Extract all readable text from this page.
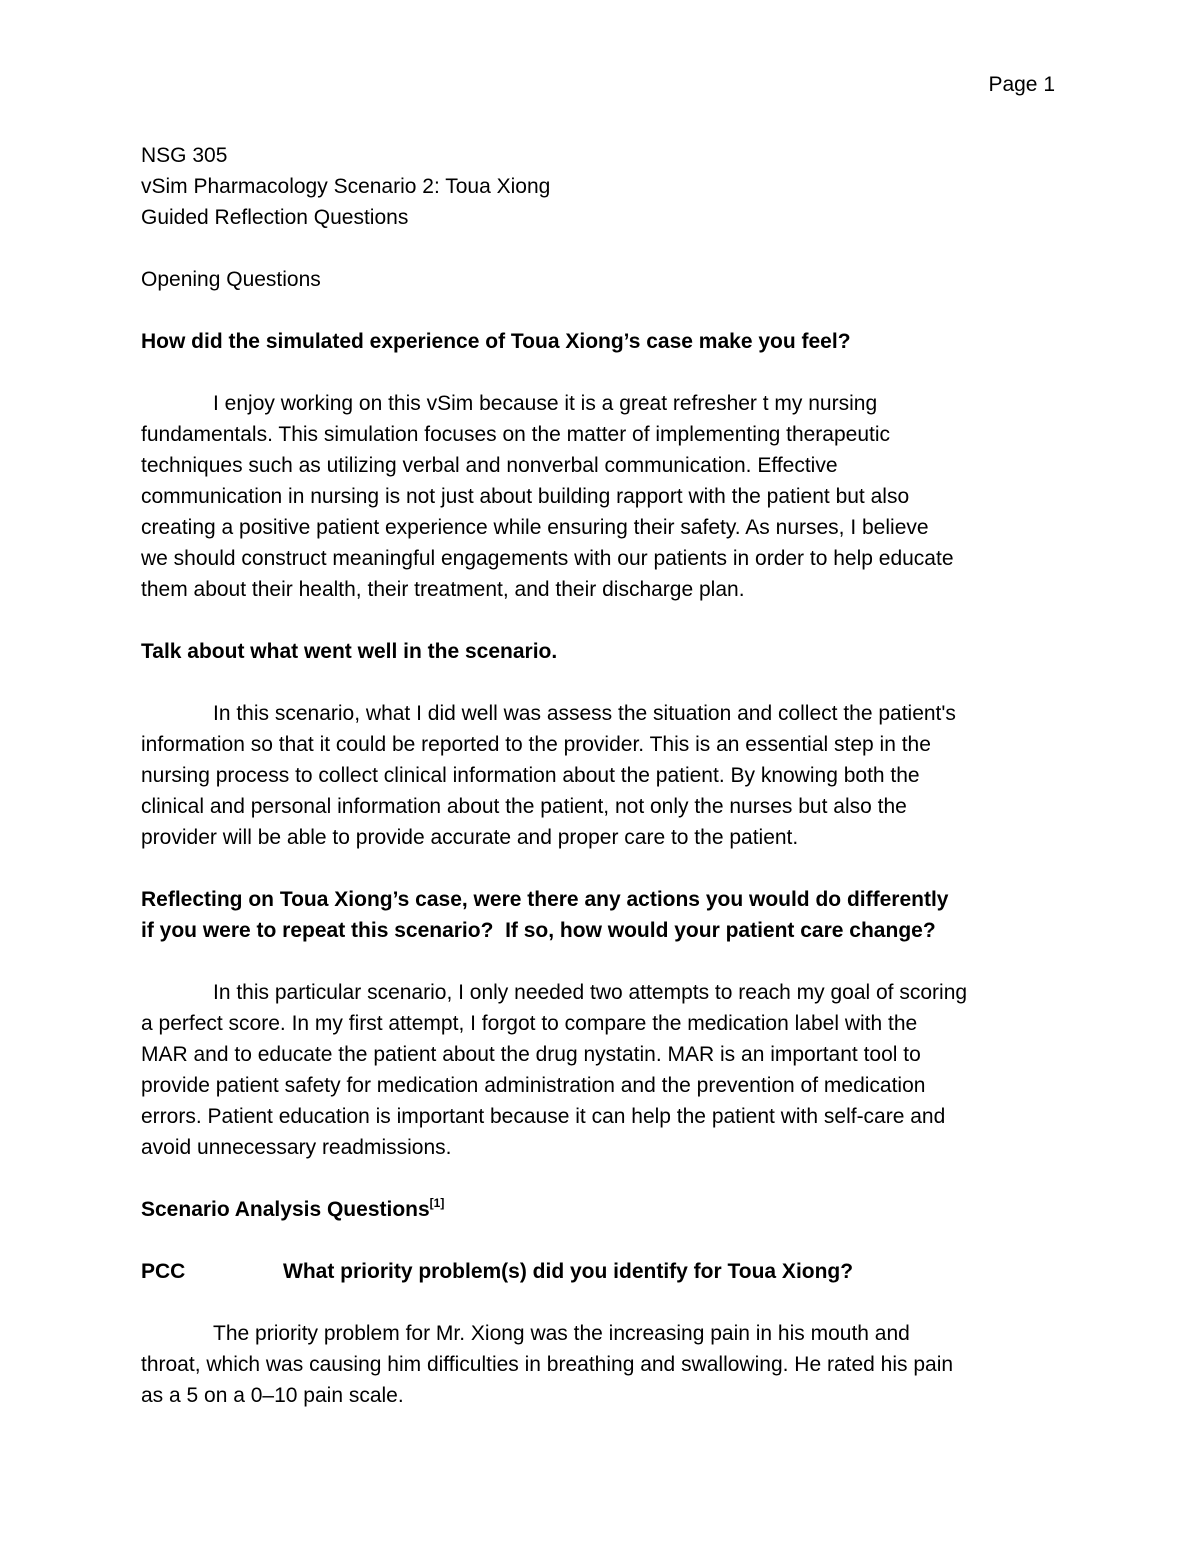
Page 1

NSG 305

vSim Pharmacology Scenario 2: Toua Xiong

Guided Reflection Questions

Opening Questions

How did the simulated experience of Toua Xiong’s case make you feel?

I enjoy working on this vSim because it is a great refresher t my nursing

fundamentals. This simulation focuses on the matter of implementing therapeutic

techniques such as utilizing verbal and nonverbal communication. Effective

communication in nursing is not just about building rapport with the patient but also

creating a positive patient experience while ensuring their safety. As nurses, I believe

we should construct meaningful engagements with our patients in order to help educate

them about their health, their treatment, and their discharge plan.

Talk about what went well in the scenario.

In this scenario, what I did well was assess the situation and collect the patient's

information so that it could be reported to the provider. This is an essential step in the

nursing process to collect clinical information about the patient. By knowing both the

clinical and personal information about the patient, not only the nurses but also the

provider will be able to provide accurate and proper care to the patient.

Reflecting on Toua Xiong’s case, were there any actions you would do differently

if you were to repeat this scenario?  If so, how would your patient care change?

In this particular scenario, I only needed two attempts to reach my goal of scoring

a perfect score. In my first attempt, I forgot to compare the medication label with the

MAR and to educate the patient about the drug nystatin. MAR is an important tool to

provide patient safety for medication administration and the prevention of medication

errors. Patient education is important because it can help the patient with self-care and

avoid unnecessary readmissions.

Scenario Analysis Questions[1]

PCC	What priority problem(s) did you identify for Toua Xiong?

The priority problem for Mr. Xiong was the increasing pain in his mouth and

throat, which was causing him difficulties in breathing and swallowing. He rated his pain

as a 5 on a 0–10 pain scale.
